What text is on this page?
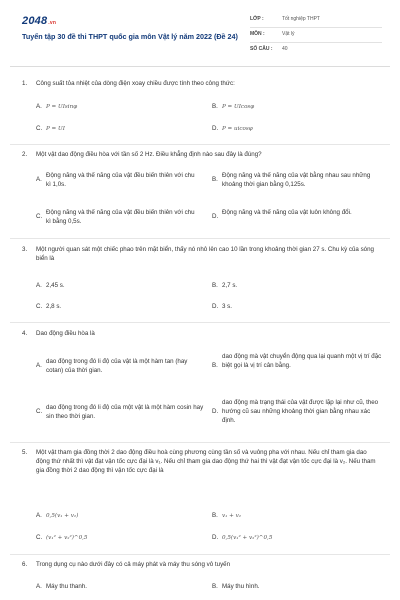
2048.vn
Tuyển tập 30 đề thi THPT quốc gia môn Vật lý năm 2022 (Đề 24)
LỚP :	Tốt nghiệp THPT
MÔN :	Vật lý
SỐ CÂU :	40
1.	Công suất tỏa nhiệt của dòng điện xoay chiều được tính theo công thức:
A. P = UIsinφ	B. P = UIcosφ
C. P = UI	D. P = uicosφ
2.	Một vật dao động điều hòa với tần số 2 Hz. Điều khẳng định nào sau đây là đúng?
A.
Động năng và thế năng của vật đều biến thiên với chu kì 1,0s.
B.
Động năng và thế năng của vật bằng nhau sau những khoảng thời gian bằng 0,125s.
C.
Động năng và thế năng của vật đều biến thiên với chu kì bằng 0,5s.
D.
Động năng và thế năng của vật luôn không đổi.
3.	Một người quan sát một chiếc phao trên mặt biển, thấy nó nhô lên cao 10 lần trong khoảng thời gian 27 s. Chu kỳ của sóng biển là
A. 2,45 s.	B. 2,7 s.
C. 2,8 s.	D. 3 s.
4.	Dao động điều hòa là
A.
dao động trong đó li độ của vật là một hàm tan (hay cotan) của thời gian.
B.
dao động mà vật chuyển động qua lại quanh một vị trí đặc biệt gọi là vị trí cân bằng.
C.
dao động trong đó li độ của một vật là một hàm cosin hay sin theo thời gian.
D.
dao động mà trạng thái của vật được lặp lại như cũ, theo hướng cũ sau những khoảng thời gian bằng nhau xác định.
5.	Một vật tham gia đồng thời 2 dao động điều hoà cùng phương cùng tần số và vuông pha với nhau. Nếu chỉ tham gia dao động thứ nhất thì vật đạt vận tốc cực đại là v₁. Nếu chỉ tham gia dao động thứ hai thì vật đạt vận tốc cực đại là v₂. Nếu tham gia đồng thời 2 dao động thì vận tốc cực đại là
A. 0,5(v₁ + v₂)	B. v₁ + v₂
C. (v₁² + v₂²)^0,5	D. 0,5(v₁² + v₂²)^0,5
6.	Trong dụng cụ nào dưới đây có cả máy phát và máy thu sóng vô tuyến
A. Máy thu thanh.	B. Máy thu hình.
